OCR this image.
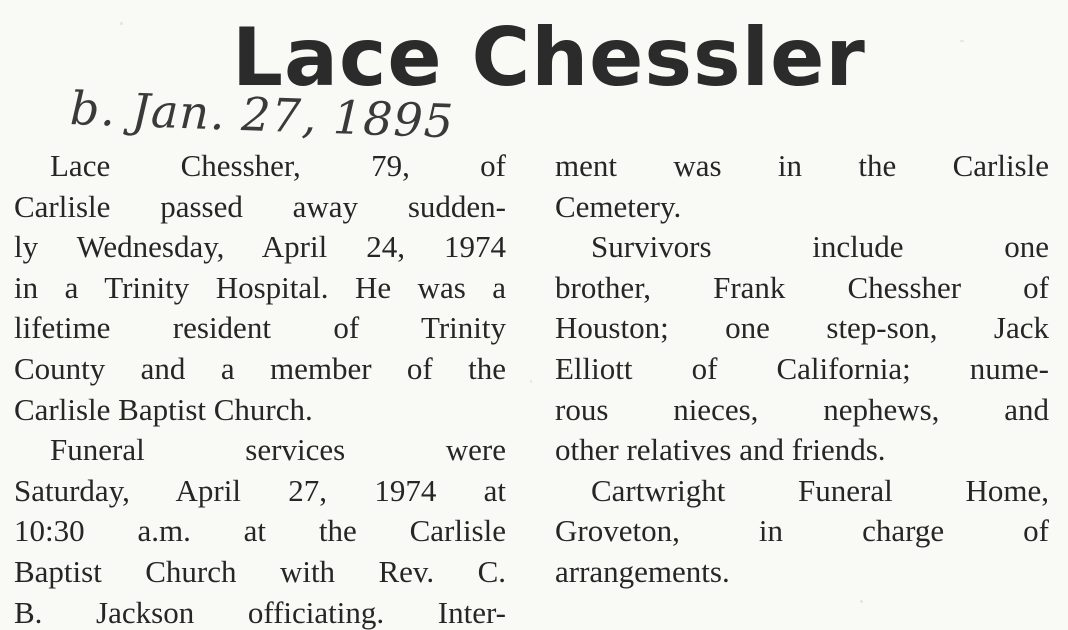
Lace Chessler
b. Jan. 27, 1895
Lace Chessher, 79, of
Carlisle passed away sudden-
ly Wednesday, April 24, 1974
in a Trinity Hospital. He was a
lifetime resident of Trinity
County and a member of the
Carlisle Baptist Church.
Funeral services were
Saturday, April 27, 1974 at
10:30 a.m. at the Carlisle
Baptist Church with Rev. C.
B. Jackson officiating. Inter-
ment was in the Carlisle
Cemetery.
Survivors include one
brother, Frank Chessher of
Houston; one step-son, Jack
Elliott of California; nume-
rous nieces, nephews, and
other relatives and friends.
Cartwright Funeral Home,
Groveton, in charge of
arrangements.
